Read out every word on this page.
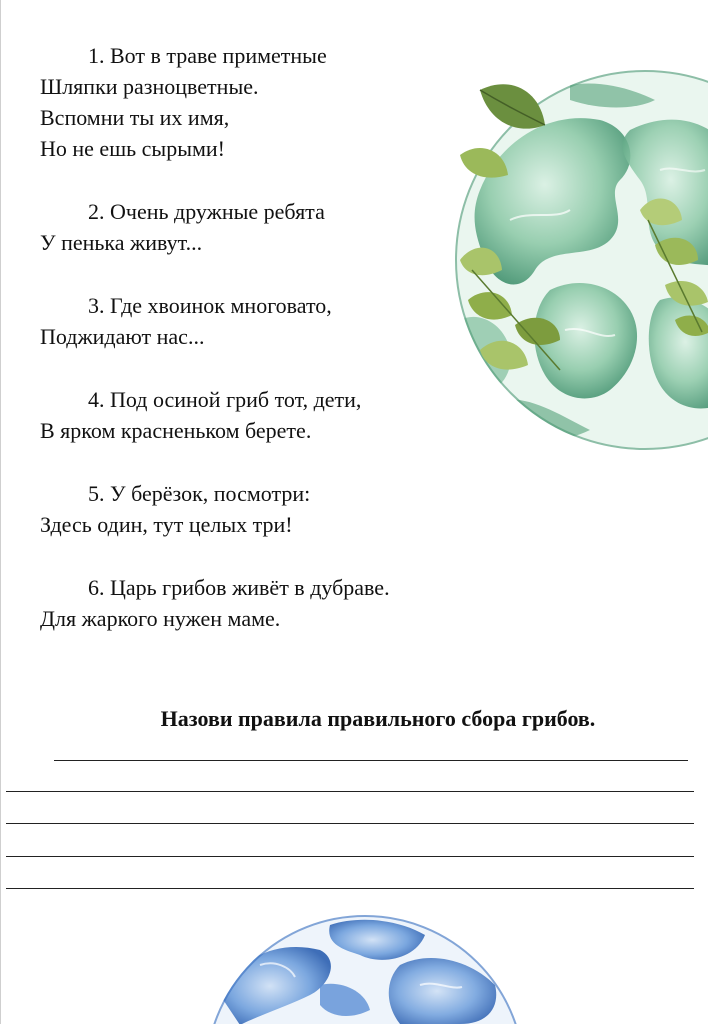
1. Вот в траве приметные
Шляпки разноцветные.
Вспомни ты их имя,
Но не ешь сырыми!
2. Очень дружные ребята
У пенька живут...
3. Где хвоинок многовато,
Поджидают нас...
4. Под осиной гриб тот, дети,
В ярком красненьком берете.
5. У берёзок, посмотри:
Здесь один, тут целых три!
6. Царь грибов живёт в дубраве.
Для жаркого нужен маме.
Назови правила правильного сбора грибов.
